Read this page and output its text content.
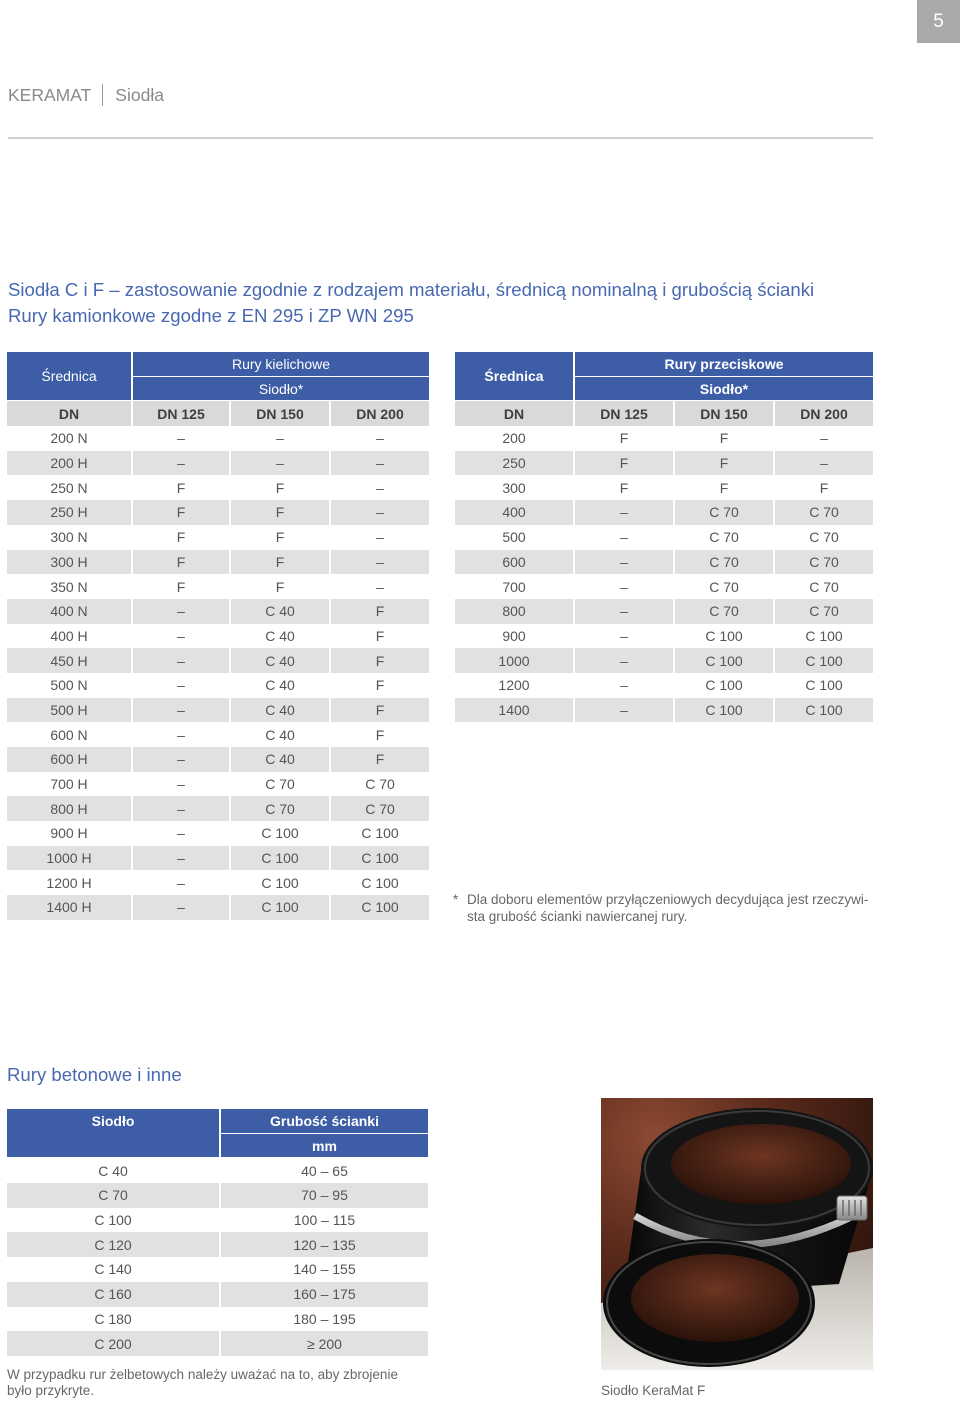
5
KERAMAT Siodła
Siodła C i F – zastosowanie zgodnie z rodzajem materiału, średnicą nominalną i grubością ścianki
Rury kamionkowe zgodne z EN 295 i ZP WN 295
Średnica	Rury kielichowe		
	Siodło*		
DN	DN 125	DN 150	DN 200
200 N	–	–	–
200 H	–	–	–
250 N	F	F	–
250 H	F	F	–
300 N	F	F	–
300 H	F	F	–
350 N	F	F	–
400 N	–	C 40	F
400 H	–	C 40	F
450 H	–	C 40	F
500 N	–	C 40	F
500 H	–	C 40	F
600 N	–	C 40	F
600 H	–	C 40	F
700 H	–	C 70	C 70
800 H	–	C 70	C 70
900 H	–	C 100	C 100
1000 H	–	C 100	C 100
1200 H	–	C 100	C 100
1400 H	–	C 100	C 100
Średnica	Rury przeciskowe		
	Siodło*		
DN	DN 125	DN 150	DN 200
200	F	F	–
250	F	F	–
300	F	F	F
400	–	C 70	C 70
500	–	C 70	C 70
600	–	C 70	C 70
700	–	C 70	C 70
800	–	C 70	C 70
900	–	C 100	C 100
1000	–	C 100	C 100
1200	–	C 100	C 100
1400	–	C 100	C 100
* Dla doboru elementów przyłączeniowych decydująca jest rzeczywi-
sta grubość ścianki nawiercanej rury.
Rury betonowe i inne
Siodło	Grubość ścianki
	mm
C 40	40 – 65
C 70	70 – 95
C 100	100 – 115
C 120	120 – 135
C 140	140 – 155
C 160	160 – 175
C 180	180 – 195
C 200	≥ 200
W przypadku rur żelbetowych należy uważać na to, aby zbrojenie
było przykryte.	Siodło KeraMat F
